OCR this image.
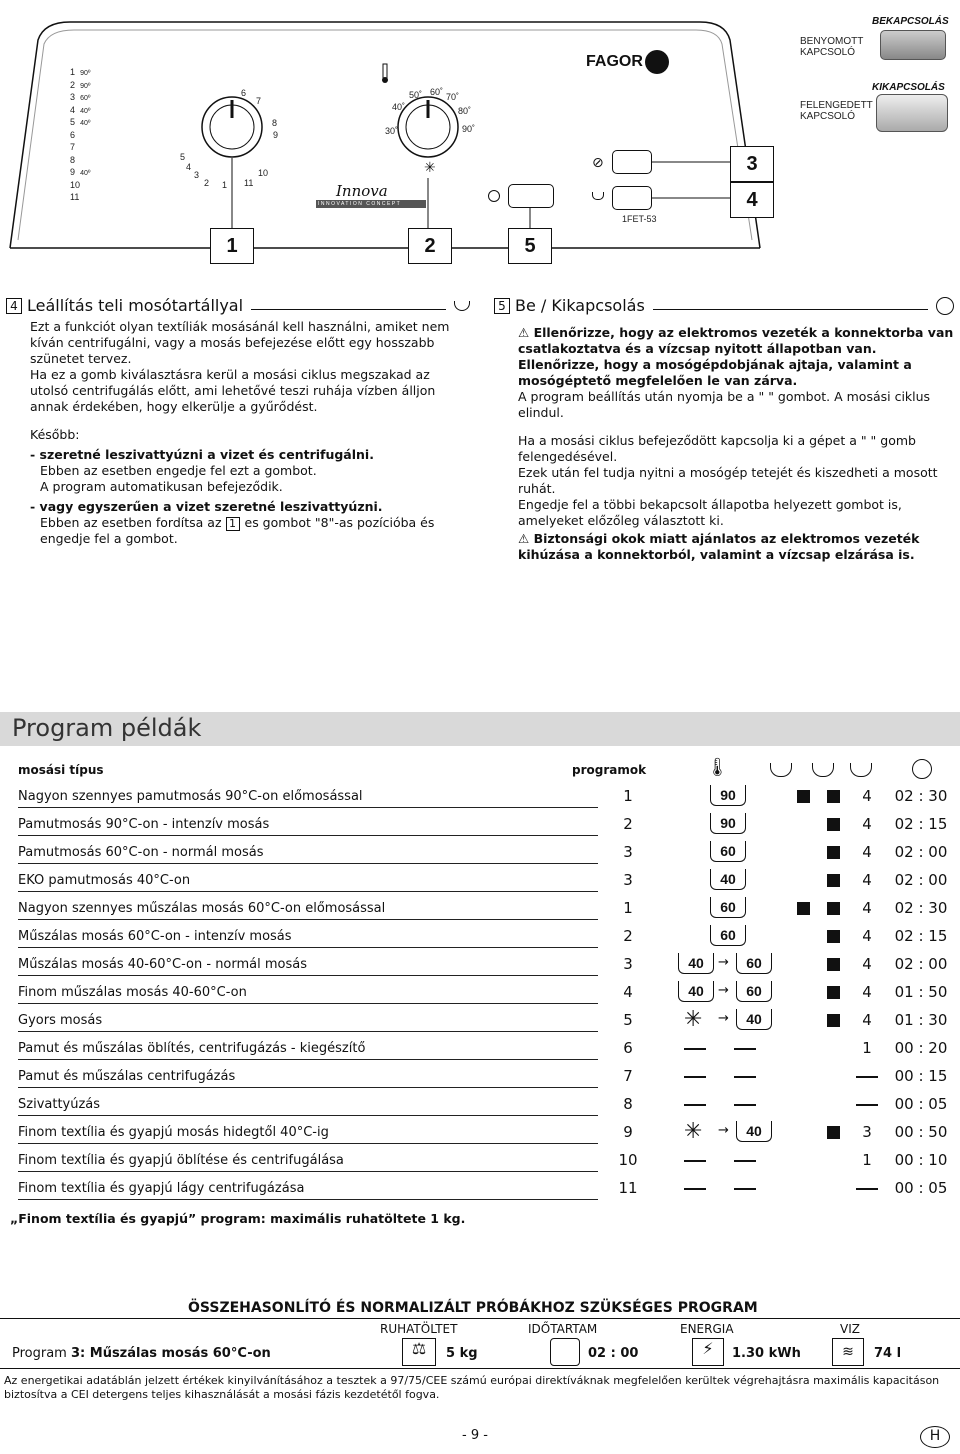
1 90º
2 90º
3 60º
4 40º
5 40º
6
7
8
9 40º
10
11
5
4
3
2 1 11
10
9
8
7
6
30˚
40˚
50˚ 60˚ 70˚
80˚
90˚
✳
FAGOR
Innova
INNOVATION CONCEPT
⊘
1FET-53
BENYOMOTT
KAPCSOLÓ
BEKAPCSOLÁS
KIKAPCSOLÁS
FELENGEDETT
KAPCSOLÓ
1	2	5
3
4
4 Leállítás teli mosótartállyal

Ezt a funkciót olyan textíliák mosásánál kell használni, amiket nem kíván centrifugálni, vagy a mosás befejezése előtt egy hosszabb szünetet tervez.

Ha ez a gomb kiválasztásra kerül a mosási ciklus megszakad az utolsó centrifugálás előtt, ami lehetővé teszi ruhája vízben álljon annak érdekében, hogy elkerülje a gyűrődést.

Később:

- szeretné leszivattyúzni a vizet és centrifugálni.

Ebben az esetben engedje fel ezt a gombot.

A program automatikusan befejeződik.

- vagy egyszerűen a vizet szeretné leszivattyúzni.

Ebben az esetben fordítsa az 1 es gombot "8"-as pozícióba és engedje fel a gombot.

5 Be / Kikapcsolás

⚠ Ellenőrizze, hogy az elektromos vezeték a konnektorba van csatlakoztatva és a vízcsap nyitott állapotban van.

Ellenőrizze, hogy a mosógépdobjának ajtaja, valamint a mosógéptető megfelelően le van zárva.

A program beállítás után nyomja be a " " gombot. A mosási ciklus elindul.

Ha a mosási ciklus befejeződött kapcsolja ki a gépet a " " gomb felengedésével.

Ezek után fel tudja nyitni a mosógép tetejét és kiszedheti a mosott ruhát.

Engedje fel a többi bekapcsolt állapotba helyezett gombot is, amelyeket előzőleg választott ki.

⚠ Biztonsági okok miatt ajánlatos az elektromos vezeték kihúzása a konnektorból, valamint a vízcsap elzárása is.

Program példák
mosási típus	programok	🌡
Nagyon szennyes pamutmosás 90°C-on előmosással	1	90	4	02 : 30
Pamutmosás 90°C-on - intenzív mosás	2	90	4	02 : 15
Pamutmosás 60°C-on - normál mosás	3	60	4	02 : 00
EKO pamutmosás 40°C-on	3	40	4	02 : 00
Nagyon szennyes műszálas mosás 60°C-on előmosással	1	60	4	02 : 30
Műszálas mosás 60°C-on - intenzív mosás	2	60	4	02 : 15
Műszálas mosás 40-60°C-on - normál mosás	3	40	→	60	4	02 : 00
Finom műszálas mosás 40-60°C-on	4	40	→	60	4	01 : 50
Gyors mosás	5	✳ →	40	4	01 : 30
Pamut és műszálas öblítés, centrifugázás - kiegészítő	6	1	00 : 20
Pamut és műszálas centrifugázás	7	00 : 15
Szivattyúzás	8	00 : 05
Finom textília és gyapjú mosás hidegtől 40°C-ig	9	✳ →	40	3	00 : 50
Finom textília és gyapjú öblítése és centrifugálása	10	1	00 : 10
Finom textília és gyapjú lágy centrifugázása	11	00 : 05
„Finom textília és gyapjú” program: maximális ruhatöltete 1 kg.
ÖSSZEHASONLÍTÓ ÉS NORMALIZÁLT PRÓBÁKHOZ SZÜKSÉGES PROGRAM
RUHATÖLTET	IDŐTARTAM	ENERGIA	VIZ
Program 3: Műszálas mosás 60°C-on	⚖	5 kg	02 : 00	⚡	1.30 kWh	≋	74 l
Az energetikai adatáblán jelzett értékek kinyilvánításához a tesztek a 97/75/CEE számú európai direktíváknak megfelelően kerültek végrehajtásra maximális kapacitáson biztosítva a CEI detergens teljes kihasználását a mosási fázis kezdetétől fogva.
- 9 -	H
